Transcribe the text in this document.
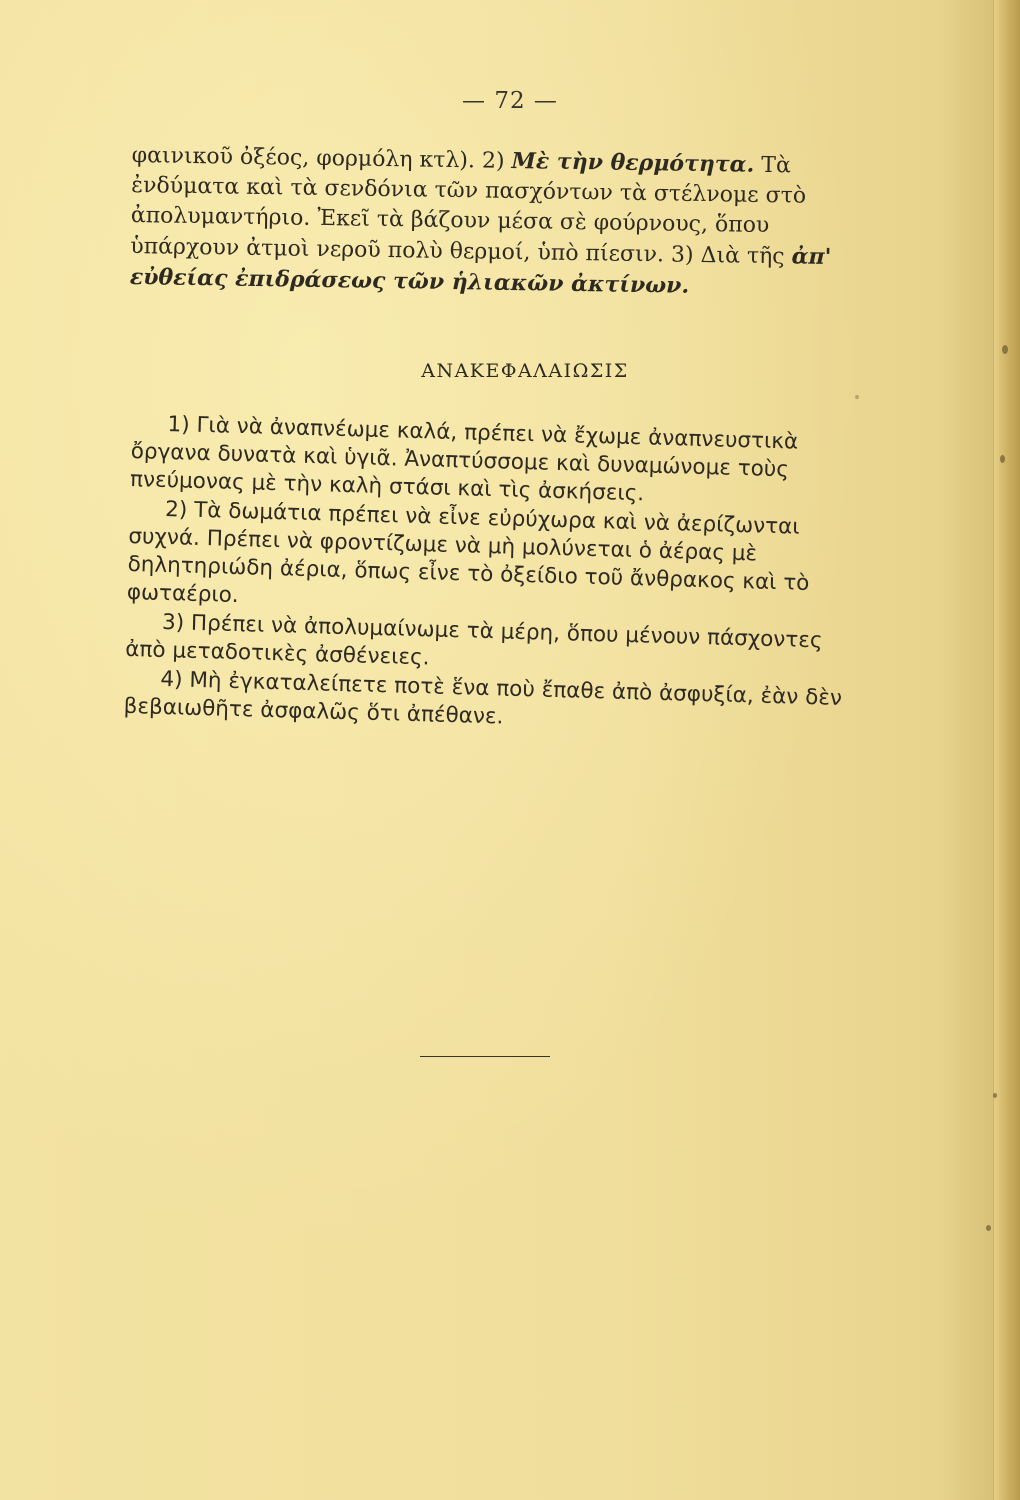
— 72 —
φαινικοῦ ὀξέος, φορμόλη κτλ). 2) Μὲ τὴν θερμότητα. Τὰ ἐνδύματα καὶ τὰ σενδόνια τῶν πασχόντων τὰ στέλνομε στὸ ἀπολυμαντήριο. Ἐκεῖ τὰ βάζουν μέσα σὲ φούρνους, ὅπου ὑπάρχουν ἀτμοὶ νεροῦ πολὺ θερμοί, ὑπὸ πίεσιν. 3) Διὰ τῆς ἀπ' εὐθείας ἐπιδράσεως τῶν ἡλιακῶν ἀκτίνων.
ΑΝΑΚΕΦΑΛΑΙΩΣΙΣ

1) Γιὰ νὰ ἀναπνέωμε καλά, πρέπει νὰ ἔχωμε ἀναπνευστικὰ ὄργανα δυνατὰ καὶ ὑγιᾶ. Ἀναπτύσσομε καὶ δυναμώνομε τοὺς πνεύμονας μὲ τὴν καλὴ στάσι καὶ τὶς ἀσκήσεις.

2) Τὰ δωμάτια πρέπει νὰ εἶνε εὐρύχωρα καὶ νὰ ἀερίζωνται συχνά. Πρέπει νὰ φροντίζωμε νὰ μὴ μολύνεται ὁ ἀέρας μὲ δηλητηριώδη ἀέρια, ὅπως εἶνε τὸ ὀξείδιο τοῦ ἄνθρακος καὶ τὸ φωταέριο.

3) Πρέπει νὰ ἀπολυμαίνωμε τὰ μέρη, ὅπου μένουν πάσχοντες ἀπὸ μεταδοτικὲς ἀσθένειες.

4) Μὴ ἐγκαταλείπετε ποτὲ ἕνα ποὺ ἔπαθε ἀπὸ ἀσφυξία, ἐὰν δὲν βεβαιωθῆτε ἀσφαλῶς ὅτι ἀπέθανε.
